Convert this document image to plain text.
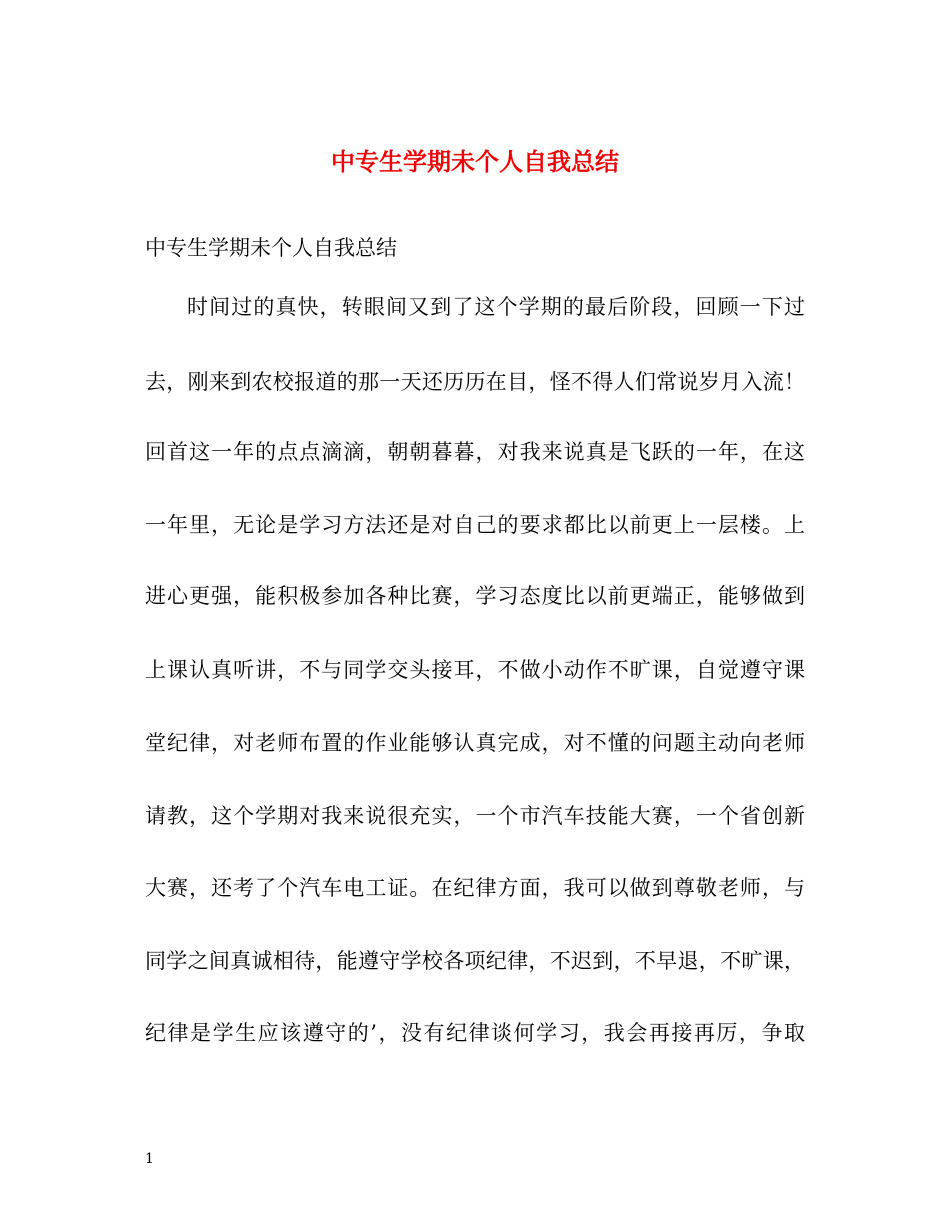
中专生学期未个人自我总结

中专生学期未个人自我总结

时间过的真快，转眼间又到了这个学期的最后阶段，回顾一下过

去，刚来到农校报道的那一天还历历在目，怪不得人们常说岁月入流！

回首这一年的点点滴滴，朝朝暮暮，对我来说真是飞跃的一年，在这

一年里，无论是学习方法还是对自己的要求都比以前更上一层楼。上

进心更强，能积极参加各种比赛，学习态度比以前更端正，能够做到

上课认真听讲，不与同学交头接耳，不做小动作不旷课，自觉遵守课

堂纪律，对老师布置的作业能够认真完成，对不懂的问题主动向老师

请教，这个学期对我来说很充实，一个市汽车技能大赛，一个省创新

大赛，还考了个汽车电工证。在纪律方面，我可以做到尊敬老师，与

同学之间真诚相待，能遵守学校各项纪律，不迟到，不早退，不旷课，

纪律是学生应该遵守的’，没有纪律谈何学习，我会再接再厉，争取

1
